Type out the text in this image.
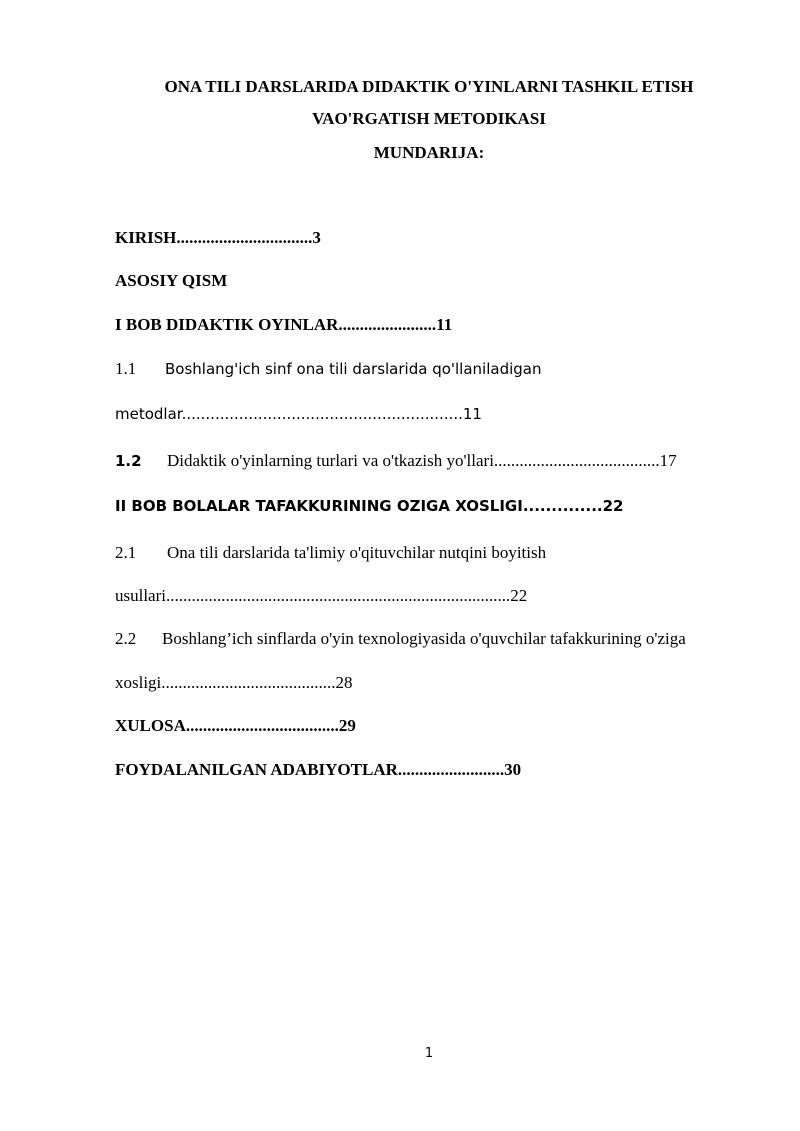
ONA TILI DARSLARIDA DIDAKTIK O'YINLARNI TASHKIL ETISH
VAO'RGATISH METODIKASI
MUNDARIJA:
KIRISH................................3
ASOSIY QISM
I BOB DIDAKTIK OYINLAR.......................11
1.1 Boshlang'ich sinf ona tili darslarida qo'llaniladigan
metodlar...........................................................11
1.2 Didaktik o'yinlarning turlari va o'tkazish yo'llari.......................................17
II BOB BOLALAR TAFAKKURINING OZIGA XOSLIGI..............22
2.1 Ona tili darslarida ta'limiy o'qituvchilar nutqini boyitish
usullari.................................................................................22
2.2 Boshlang’ich sinflarda o'yin texnologiyasida o'quvchilar tafakkurining o'ziga
xosligi.........................................28
XULOSA....................................29
FOYDALANILGAN ADABIYOTLAR.........................30
1
